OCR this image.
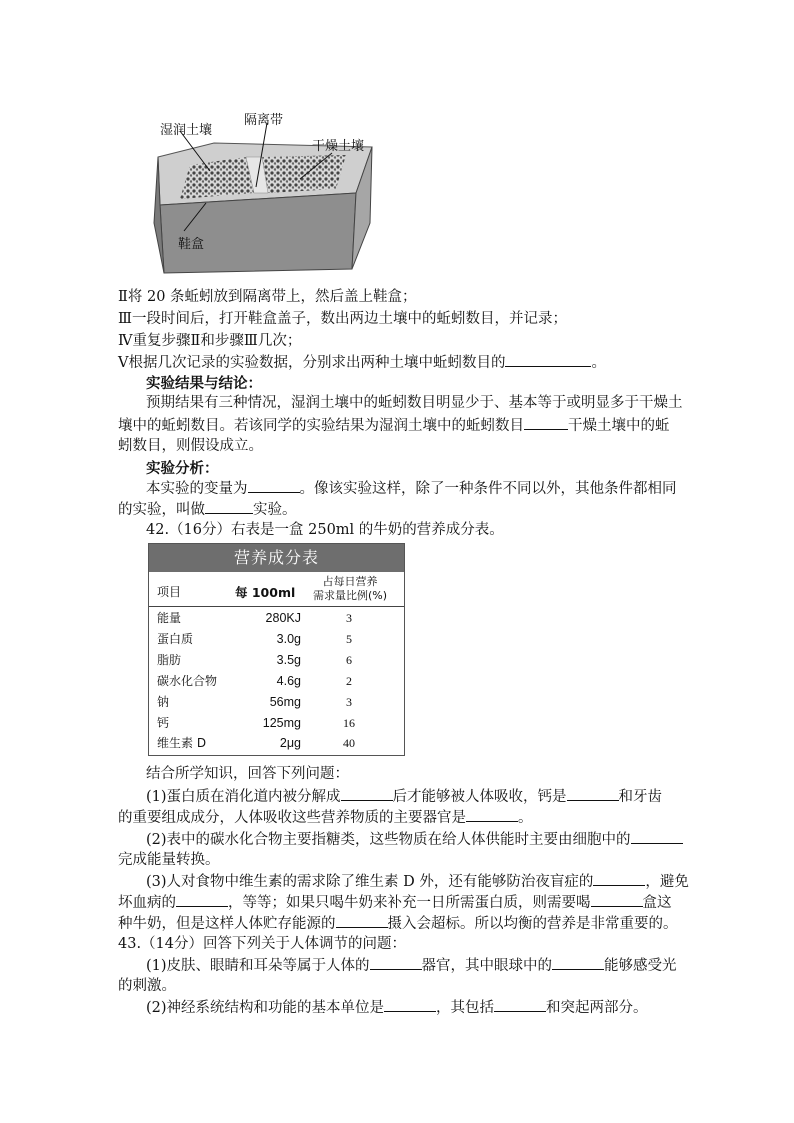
湿润土壤
隔离带
干燥土壤
鞋盒
Ⅱ将 20 条蚯蚓放到隔离带上，然后盖上鞋盒；
Ⅲ一段时间后，打开鞋盒盖子，数出两边土壤中的蚯蚓数目，并记录；
Ⅳ重复步骤Ⅱ和步骤Ⅲ几次；
Ⅴ根据几次记录的实验数据，分别求出两种土壤中蚯蚓数目的	。
实验结果与结论：
预期结果有三种情况，湿润土壤中的蚯蚓数目明显少于、基本等于或明显多于干燥土
壤中的蚯蚓数目。若该同学的实验结果为湿润土壤中的蚯蚓数目	干燥土壤中的蚯
蚓数目，则假设成立。
实验分析：
本实验的变量为	。像该实验这样，除了一种条件不同以外，其他条件都相同
的实验，叫做	实验。
42.（16分）右表是一盒 250ml 的牛奶的营养成分表。
营养成分表
项目	每 100ml
占每日营养
需求量比例(%)
能量	280KJ	3
蛋白质	3.0g	5
脂肪	3.5g	6
碳水化合物	4.6g	2
钠	56mg	3
钙	125mg	16
维生素 D	2μg	40
结合所学知识，回答下列问题：
(1)蛋白质在消化道内被分解成	后才能够被人体吸收，钙是	和牙齿
的重要组成成分，人体吸收这些营养物质的主要器官是	。
(2)表中的碳水化合物主要指糖类，这些物质在给人体供能时主要由细胞中的
完成能量转换。
(3)人对食物中维生素的需求除了维生素 D 外，还有能够防治夜盲症的	，避免
坏血病的	，等等；如果只喝牛奶来补充一日所需蛋白质，则需要喝	盒这
种牛奶，但是这样人体贮存能源的	摄入会超标。所以均衡的营养是非常重要的。
43.（14分）回答下列关于人体调节的问题：
(1)皮肤、眼睛和耳朵等属于人体的	器官，其中眼球中的	能够感受光
的刺激。
(2)神经系统结构和功能的基本单位是	，其包括	和突起两部分。
